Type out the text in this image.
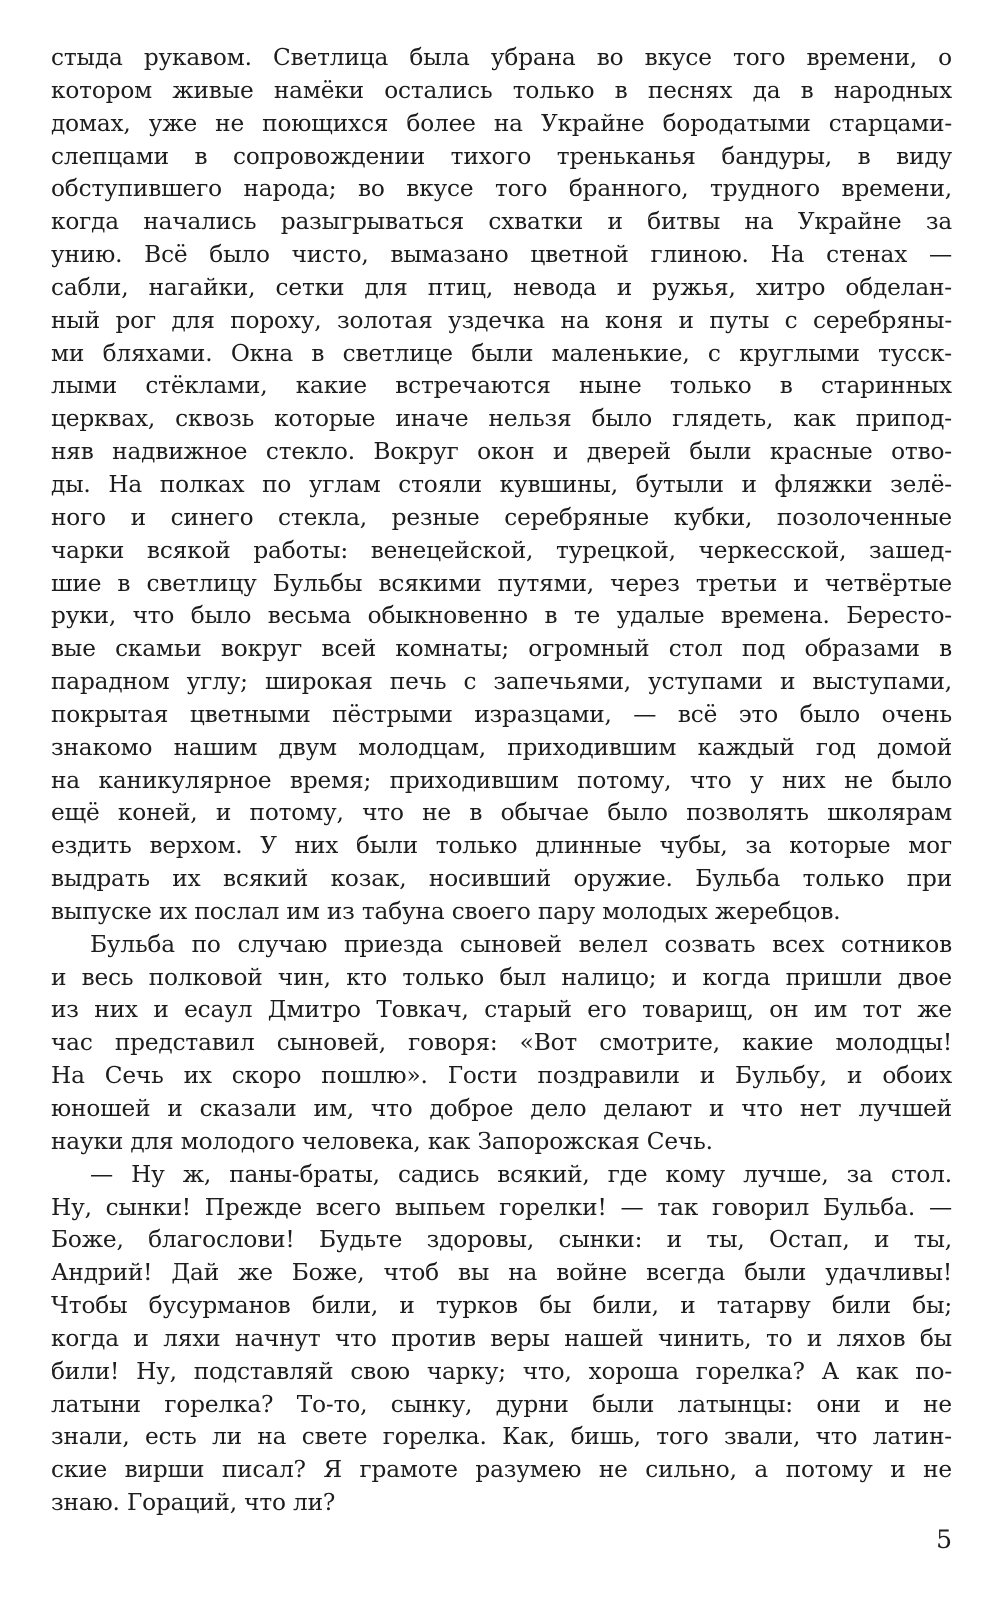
стыда рукавом. Светлица была убрана во вкусе того времени, о
котором живые намёки остались только в песнях да в народных
домах, уже не поющихся более на Украйне бородатыми старцами-
слепцами в сопровождении тихого треньканья бандуры, в виду
обступившего народа; во вкусе того бранного, трудного времени,
когда начались разыгрываться схватки и битвы на Украйне за
унию. Всё было чисто, вымазано цветной глиною. На стенах —
сабли, нагайки, сетки для птиц, невода и ружья, хитро обделан-
ный рог для пороху, золотая уздечка на коня и путы с серебряны-
ми бляхами. Окна в светлице были маленькие, с круглыми тусск-
лыми стёклами, какие встречаются ныне только в старинных
церквах, сквозь которые иначе нельзя было глядеть, как припод-
няв надвижное стекло. Вокруг окон и дверей были красные отво-
ды. На полках по углам стояли кувшины, бутыли и фляжки зелё-
ного и синего стекла, резные серебряные кубки, позолоченные
чарки всякой работы: венецейской, турецкой, черкесской, зашед-
шие в светлицу Бульбы всякими путями, через третьи и четвёртые
руки, что было весьма обыкновенно в те удалые времена. Бересто-
вые скамьи вокруг всей комнаты; огромный стол под образами в
парадном углу; широкая печь с запечьями, уступами и выступами,
покрытая цветными пёстрыми изразцами, — всё это было очень
знакомо нашим двум молодцам, приходившим каждый год домой
на каникулярное время; приходившим потому, что у них не было
ещё коней, и потому, что не в обычае было позволять школярам
ездить верхом. У них были только длинные чубы, за которые мог
выдрать их всякий козак, носивший оружие. Бульба только при
выпуске их послал им из табуна своего пару молодых жеребцов.
Бульба по случаю приезда сыновей велел созвать всех сотников
и весь полковой чин, кто только был налицо; и когда пришли двое
из них и есаул Дмитро Товкач, старый его товарищ, он им тот же
час представил сыновей, говоря: «Вот смотрите, какие молодцы!
На Сечь их скоро пошлю». Гости поздравили и Бульбу, и обоих
юношей и сказали им, что доброе дело делают и что нет лучшей
науки для молодого человека, как Запорожская Сечь.
— Ну ж, паны-браты, садись всякий, где кому лучше, за стол.
Ну, сынки! Прежде всего выпьем горелки! — так говорил Бульба. —
Боже, благослови! Будьте здоровы, сынки: и ты, Остап, и ты,
Андрий! Дай же Боже, чтоб вы на войне всегда были удачливы!
Чтобы бусурманов били, и турков бы били, и татарву били бы;
когда и ляхи начнут что против веры нашей чинить, то и ляхов бы
били! Ну, подставляй свою чарку; что, хороша горелка? А как по-
латыни горелка? То-то, сынку, дурни были латынцы: они и не
знали, есть ли на свете горелка. Как, бишь, того звали, что латин-
ские вирши писал? Я грамоте разумею не сильно, а потому и не
знаю. Гораций, что ли?
5
